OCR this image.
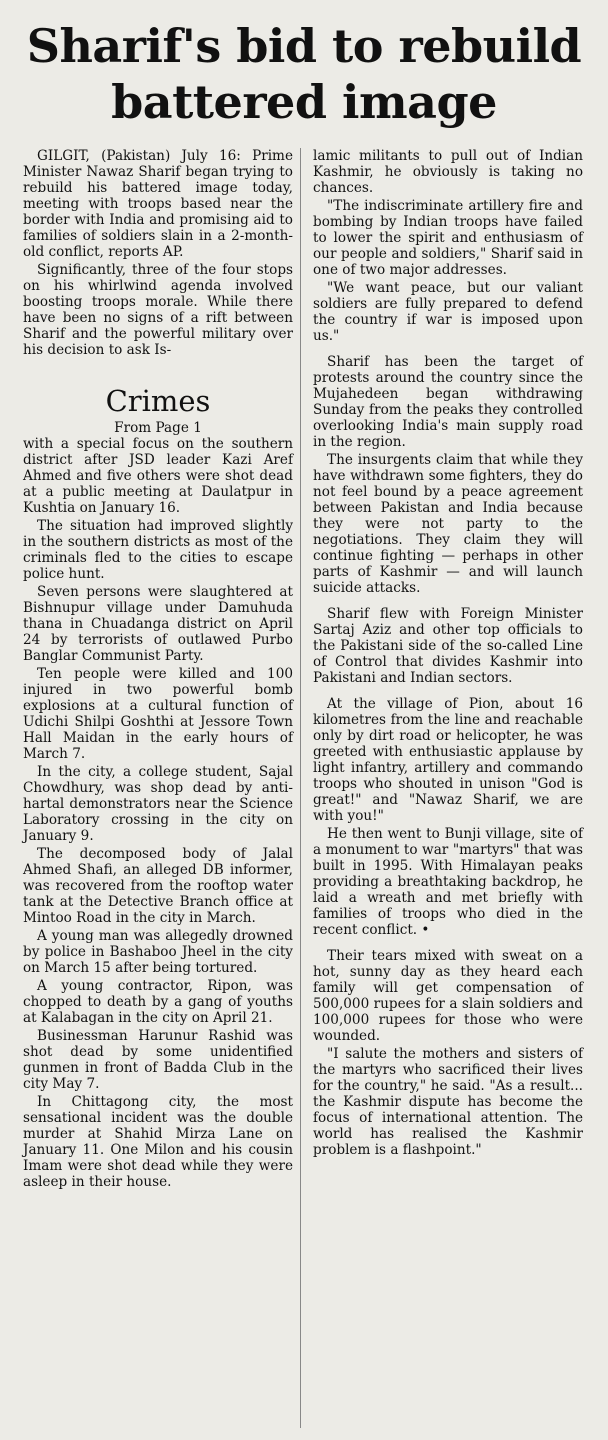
Sharif's bid to rebuild
battered image

GILGIT, (Pakistan) July 16: Prime Minister Nawaz Sharif began trying to rebuild his battered image today, meeting with troops based near the border with India and promising aid to families of soldiers slain in a 2-month-old conflict, reports AP.

Significantly, three of the four stops on his whirlwind agenda involved boosting troops morale. While there have been no signs of a rift between Sharif and the powerful military over his decision to ask Is-

Crimes
From Page 1

with a special focus on the southern district after JSD leader Kazi Aref Ahmed and five others were shot dead at a public meeting at Daulatpur in Kushtia on January 16.

The situation had improved slightly in the southern districts as most of the criminals fled to the cities to escape police hunt.

Seven persons were slaughtered at Bishnupur village under Damuhuda thana in Chuadanga district on April 24 by terrorists of outlawed Purbo Banglar Communist Party.

Ten people were killed and 100 injured in two powerful bomb explosions at a cultural function of Udichi Shilpi Goshthi at Jessore Town Hall Maidan in the early hours of March 7.

In the city, a college student, Sajal Chowdhury, was shop dead by anti-hartal demonstrators near the Science Laboratory crossing in the city on January 9.

The decomposed body of Jalal Ahmed Shafi, an alleged DB informer, was recovered from the rooftop water tank at the Detective Branch office at Mintoo Road in the city in March.

A young man was allegedly drowned by police in Bashaboo Jheel in the city on March 15 after being tortured.

A young contractor, Ripon, was chopped to death by a gang of youths at Kalabagan in the city on April 21.

Businessman Harunur Rashid was shot dead by some unidentified gunmen in front of Badda Club in the city May 7.

In Chittagong city, the most sensational incident was the double murder at Shahid Mirza Lane on January 11. One Milon and his cousin Imam were shot dead while they were asleep in their house.

lamic militants to pull out of Indian Kashmir, he obviously is taking no chances.

"The indiscriminate artillery fire and bombing by Indian troops have failed to lower the spirit and enthusiasm of our people and soldiers," Sharif said in one of two major addresses.

"We want peace, but our valiant soldiers are fully prepared to defend the country if war is imposed upon us."

Sharif has been the target of protests around the country since the Mujahedeen began withdrawing Sunday from the peaks they controlled overlooking India's main supply road in the region.

The insurgents claim that while they have withdrawn some fighters, they do not feel bound by a peace agreement between Pakistan and India because they were not party to the negotiations. They claim they will continue fighting — perhaps in other parts of Kashmir — and will launch suicide attacks.

Sharif flew with Foreign Minister Sartaj Aziz and other top officials to the Pakistani side of the so-called Line of Control that divides Kashmir into Pakistani and Indian sectors.

At the village of Pion, about 16 kilometres from the line and reachable only by dirt road or helicopter, he was greeted with enthusiastic applause by light infantry, artillery and commando troops who shouted in unison "God is great!" and "Nawaz Sharif, we are with you!"

He then went to Bunji village, site of a monument to war "martyrs" that was built in 1995. With Himalayan peaks providing a breathtaking backdrop, he laid a wreath and met briefly with families of troops who died in the recent conflict. •

Their tears mixed with sweat on a hot, sunny day as they heard each family will get compensation of 500,000 rupees for a slain soldiers and 100,000 rupees for those who were wounded.

"I salute the mothers and sisters of the martyrs who sacrificed their lives for the country," he said. "As a result... the Kashmir dispute has become the focus of international attention. The world has realised the Kashmir problem is a flashpoint."
